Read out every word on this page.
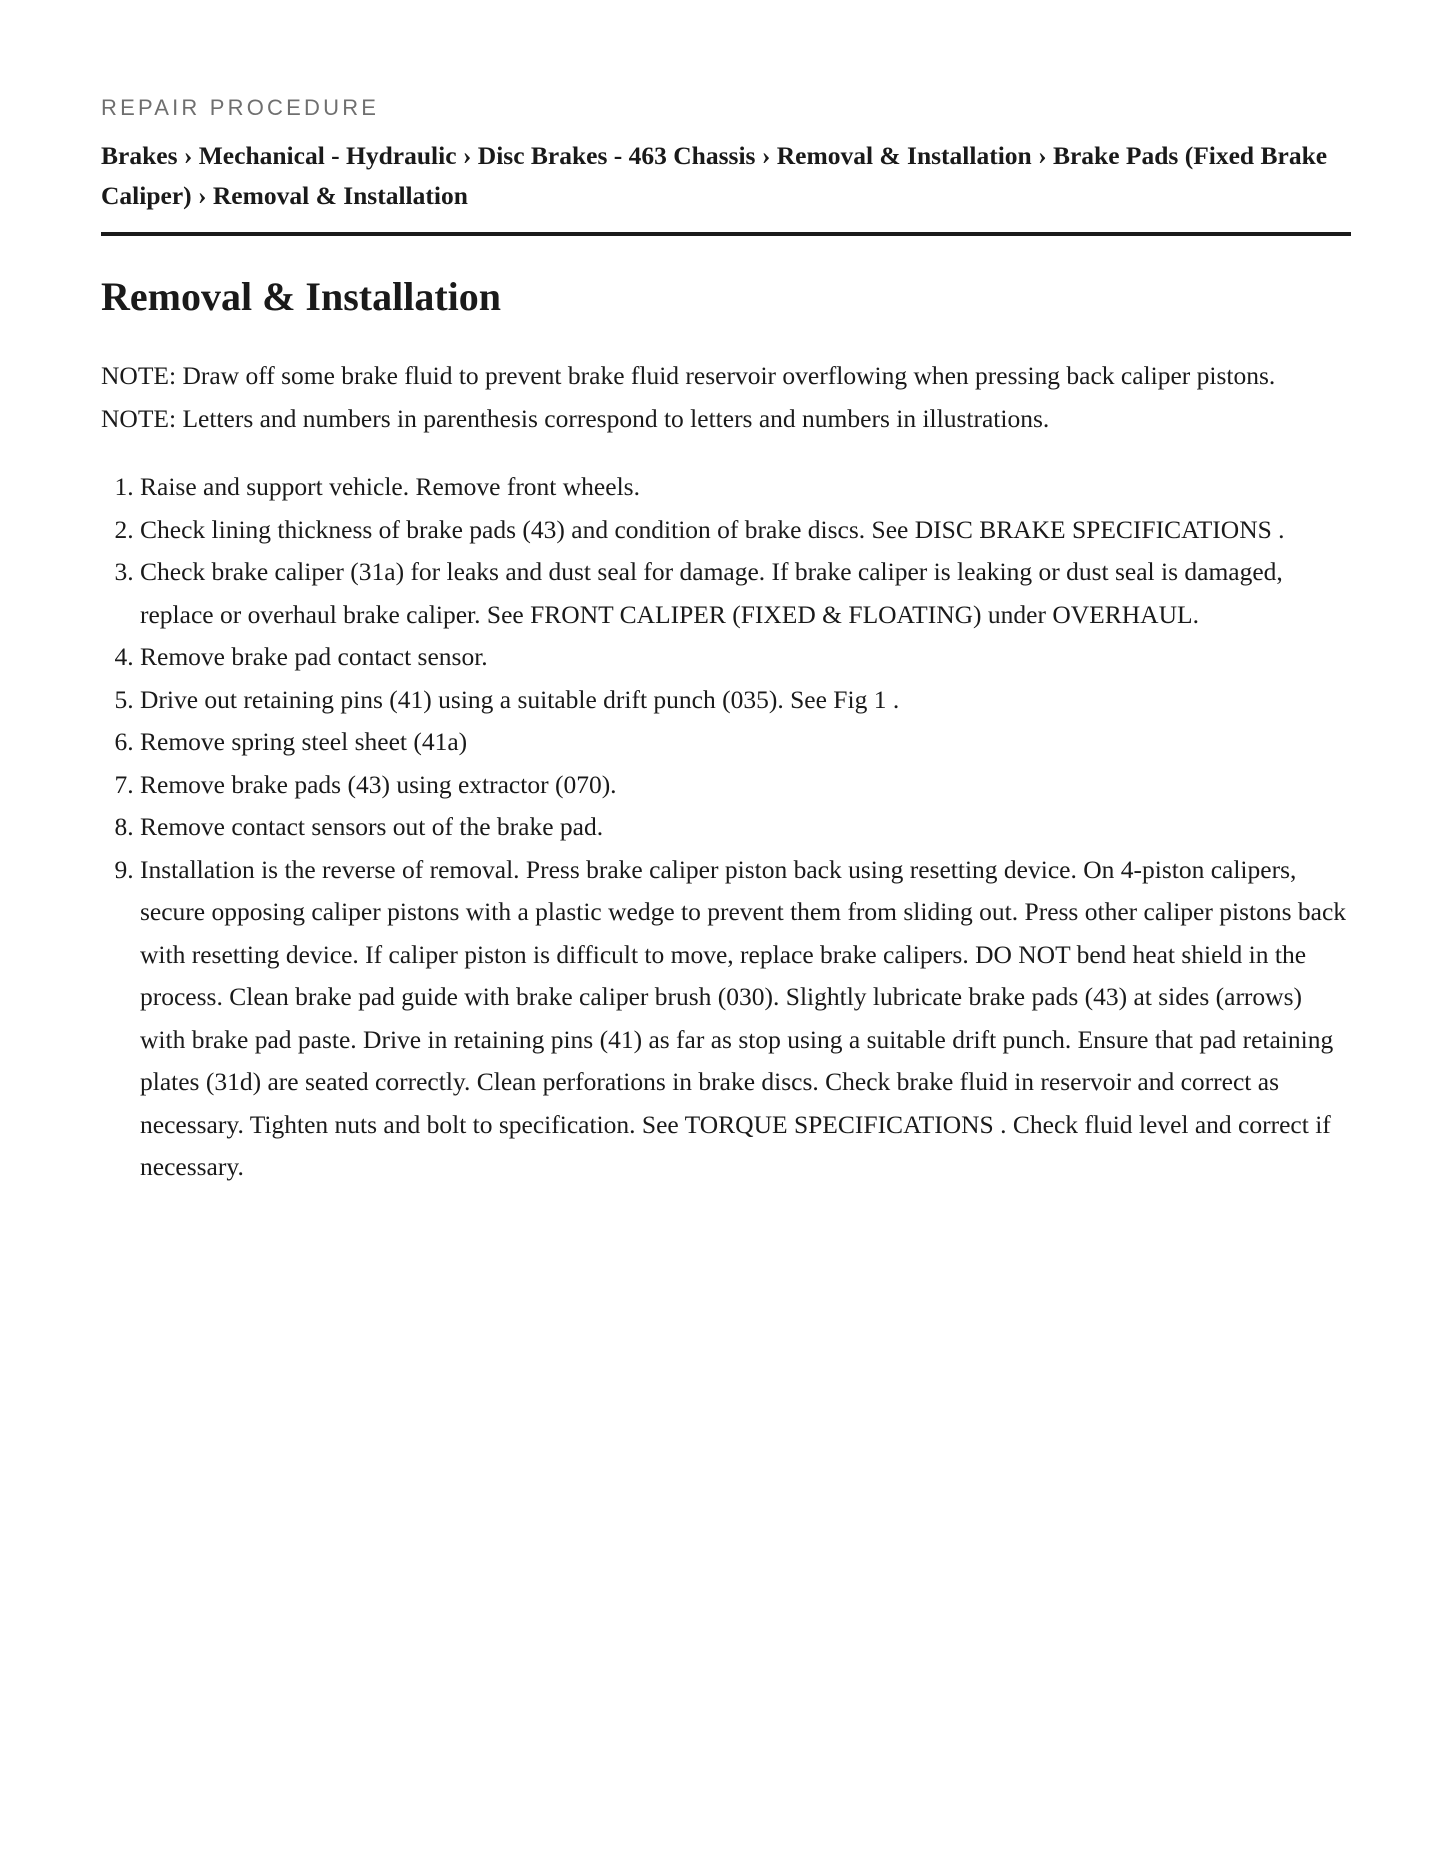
REPAIR PROCEDURE

Brakes › Mechanical - Hydraulic › Disc Brakes - 463 Chassis › Removal & Installation › Brake Pads (Fixed Brake Caliper) › Removal & Installation
Removal & Installation

NOTE: Draw off some brake fluid to prevent brake fluid reservoir overflowing when pressing back caliper pistons.

NOTE: Letters and numbers in parenthesis correspond to letters and numbers in illustrations.

1. Raise and support vehicle. Remove front wheels.
2. Check lining thickness of brake pads (43) and condition of brake discs. See DISC BRAKE SPECIFICATIONS .
3. Check brake caliper (31a) for leaks and dust seal for damage. If brake caliper is leaking or dust seal is damaged, replace or overhaul brake caliper. See FRONT CALIPER (FIXED & FLOATING) under OVERHAUL.
4. Remove brake pad contact sensor.
5. Drive out retaining pins (41) using a suitable drift punch (035). See Fig 1 .
6. Remove spring steel sheet (41a)
7. Remove brake pads (43) using extractor (070).
8. Remove contact sensors out of the brake pad.
9. Installation is the reverse of removal. Press brake caliper piston back using resetting device. On 4-piston calipers, secure opposing caliper pistons with a plastic wedge to prevent them from sliding out. Press other caliper pistons back with resetting device. If caliper piston is difficult to move, replace brake calipers. DO NOT bend heat shield in the process. Clean brake pad guide with brake caliper brush (030). Slightly lubricate brake pads (43) at sides (arrows) with brake pad paste. Drive in retaining pins (41) as far as stop using a suitable drift punch. Ensure that pad retaining plates (31d) are seated correctly. Clean perforations in brake discs. Check brake fluid in reservoir and correct as necessary. Tighten nuts and bolt to specification. See TORQUE SPECIFICATIONS . Check fluid level and correct if necessary.
